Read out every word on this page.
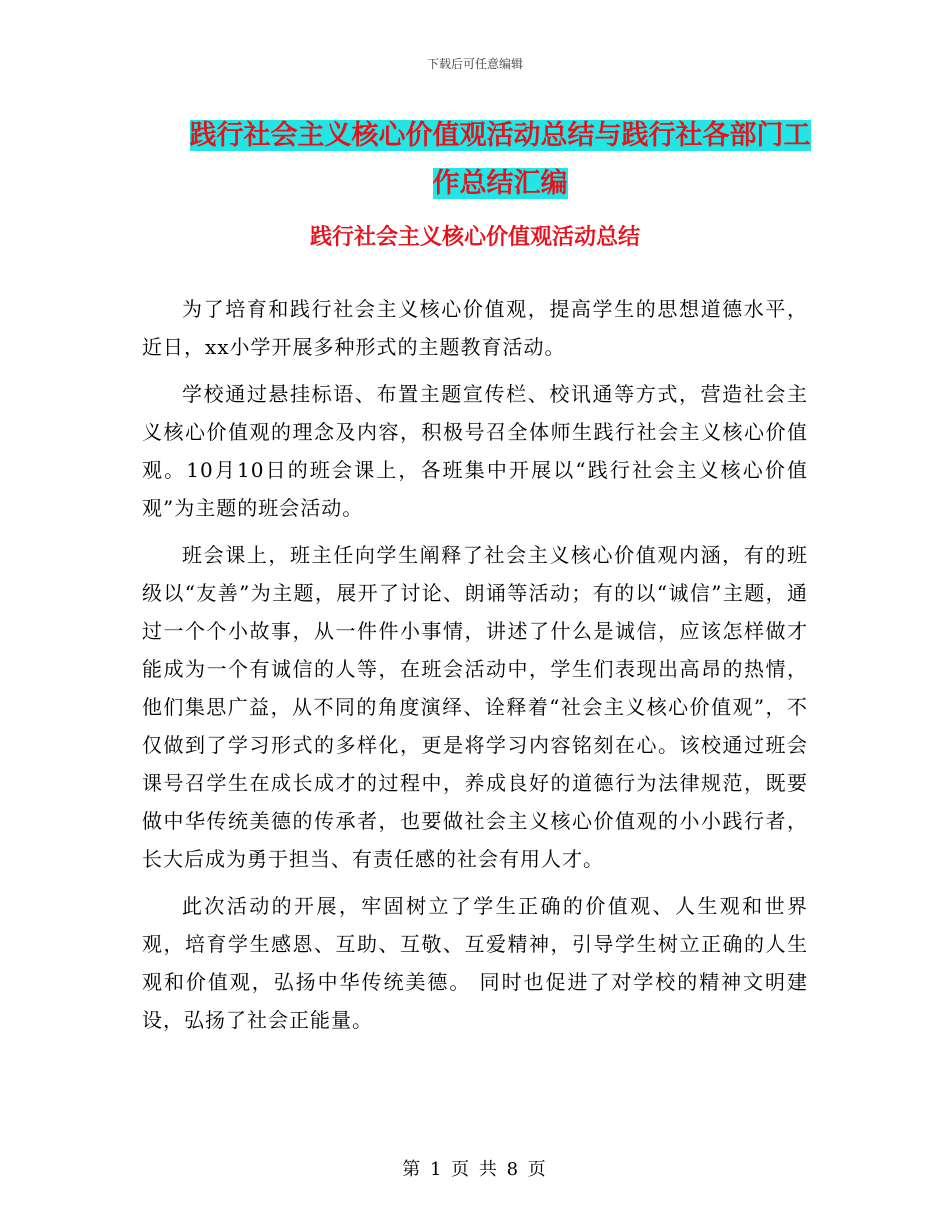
下载后可任意编辑
践行社会主义核心价值观活动总结与践行社各部门工
作总结汇编
践行社会主义核心价值观活动总结

为了培育和践行社会主义核心价值观，提高学生的思想道德水平，近日，xx小学开展多种形式的主题教育活动。

学校通过悬挂标语、布置主题宣传栏、校讯通等方式，营造社会主义核心价值观的理念及内容，积极号召全体师生践行社会主义核心价值观。10月10日的班会课上，各班集中开展以“践行社会主义核心价值观”为主题的班会活动。

班会课上，班主任向学生阐释了社会主义核心价值观内涵，有的班级以“友善”为主题，展开了讨论、朗诵等活动；有的以“诚信”主题，通过一个个小故事，从一件件小事情，讲述了什么是诚信，应该怎样做才能成为一个有诚信的人等，在班会活动中，学生们表现出高昂的热情，他们集思广益，从不同的角度演绎、诠释着“社会主义核心价值观”，不仅做到了学习形式的多样化，更是将学习内容铭刻在心。该校通过班会课号召学生在成长成才的过程中，养成良好的道德行为法律规范，既要做中华传统美德的传承者，也要做社会主义核心价值观的小小践行者，长大后成为勇于担当、有责任感的社会有用人才。

此次活动的开展，牢固树立了学生正确的价值观、人生观和世界观，培育学生感恩、互助、互敬、互爱精神，引导学生树立正确的人生观和价值观，弘扬中华传统美德。 同时也促进了对学校的精神文明建设，弘扬了社会正能量。

第 1 页 共 8 页
